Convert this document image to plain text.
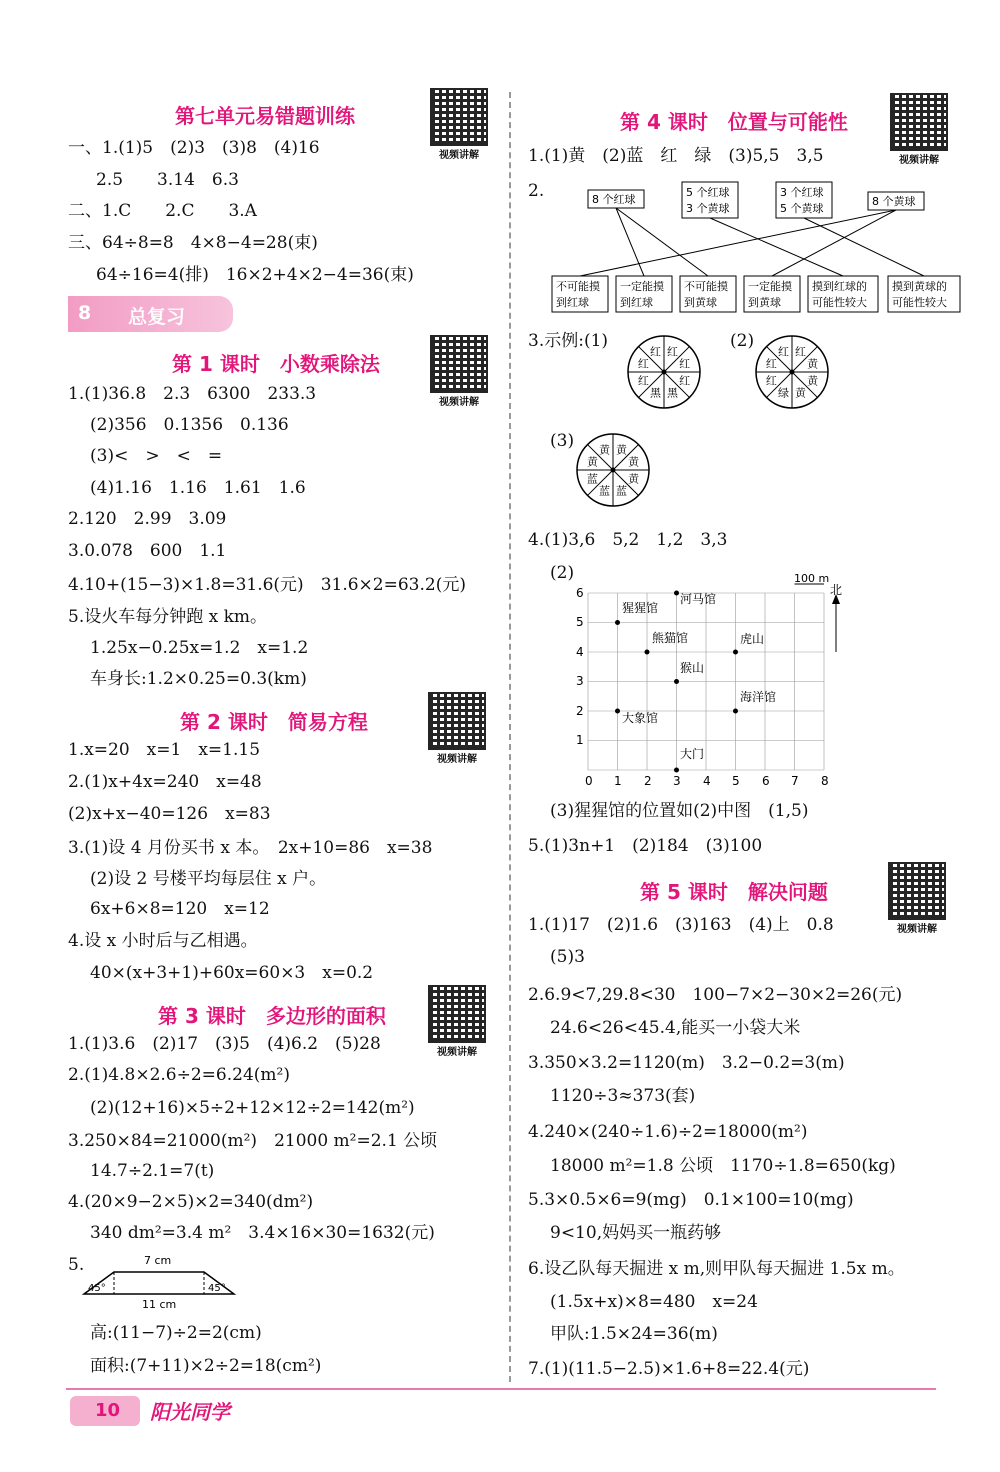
第七单元易错题训练
视频讲解
一、1.(1)5　(2)3　(3)8　(4)16
2.5　　3.14　6.3
二、1.C　　2.C　　3.A
三、64÷8=8　4×8−4=28(束)
64÷16=4(排)　16×2+4×2−4=36(束)
8 总复习
第 1 课时　小数乘除法
视频讲解
1.(1)36.8　2.3　6300　233.3
(2)356　0.1356　0.136
(3)<　>　<　=
(4)1.16　1.16　1.61　1.6
2.120　2.99　3.09
3.0.078　600　1.1
4.10+(15−3)×1.8=31.6(元)　31.6×2=63.2(元)
5.设火车每分钟跑 x km。
1.25x−0.25x=1.2　x=1.2
车身长:1.2×0.25=0.3(km)
第 2 课时　简易方程
视频讲解
1.x=20　x=1　x=1.15
2.(1)x+4x=240　x=48
(2)x+x−40=126　x=83
3.(1)设 4 月份买书 x 本。　2x+10=86　x=38
(2)设 2 号楼平均每层住 x 户。
6x+6×8=120　x=12
4.设 x 小时后与乙相遇。
40×(x+3+1)+60x=60×3　x=0.2
第 3 课时　多边形的面积
视频讲解
1.(1)3.6　(2)17　(3)5　(4)6.2　(5)28
2.(1)4.8×2.6÷2=6.24(m²)
(2)(12+16)×5÷2+12×12÷2=142(m²)
3.250×84=21000(m²)　21000 m²=2.1 公顷
14.7÷2.1=7(t)
4.(20×9−2×5)×2=340(dm²)
340 dm²=3.4 m²　3.4×16×30=1632(元)
5.	7 cm
11 cm
45°	45°
高:(11−7)÷2=2(cm)
面积:(7+11)×2÷2=18(cm²)
第 4 课时　位置与可能性
视频讲解
1.(1)黄　(2)蓝　红　绿　(3)5,5　3,5
2.	8 个红球
5 个红球
3 个黄球
3 个红球
5 个黄球
8 个黄球
不可能摸
到红球
一定能摸
到红球
不可能摸
到黄球
一定能摸
到黄球
摸到红球的
可能性较大
摸到黄球的
可能性较大
3.示例:(1)	(2)
红
红
红
黑
黑
红
红
红	红
黄
黄
黄
绿
红
红
红
(3)	黄
黄
黄
蓝
蓝
蓝
黄
黄
4.(1)3,6　5,2　1,2　3,3
(2)
0 1 2 3 4 5 6 7 8
1
2
3
4
5
6
猩猩馆
河马馆
熊猫馆	虎山
猴山
海洋馆
大象馆
大门
100 m
北
(3)猩猩馆的位置如(2)中图　(1,5)
5.(1)3n+1　(2)184　(3)100
第 5 课时　解决问题
视频讲解
1.(1)17　(2)1.6　(3)163　(4)上　0.8
(5)3
2.6.9<7,29.8<30　100−7×2−30×2=26(元)
24.6<26<45.4,能买一小袋大米
3.350×3.2=1120(m)　3.2−0.2=3(m)
1120÷3≈373(套)
4.240×(240÷1.6)÷2=18000(m²)
18000 m²=1.8 公顷　1170÷1.8=650(kg)
5.3×0.5×6=9(mg)　0.1×100=10(mg)
9<10,妈妈买一瓶药够
6.设乙队每天掘进 x m,则甲队每天掘进 1.5x m。
(1.5x+x)×8=480　x=24
甲队:1.5×24=36(m)
7.(1)(11.5−2.5)×1.6+8=22.4(元)
10 阳光同学
